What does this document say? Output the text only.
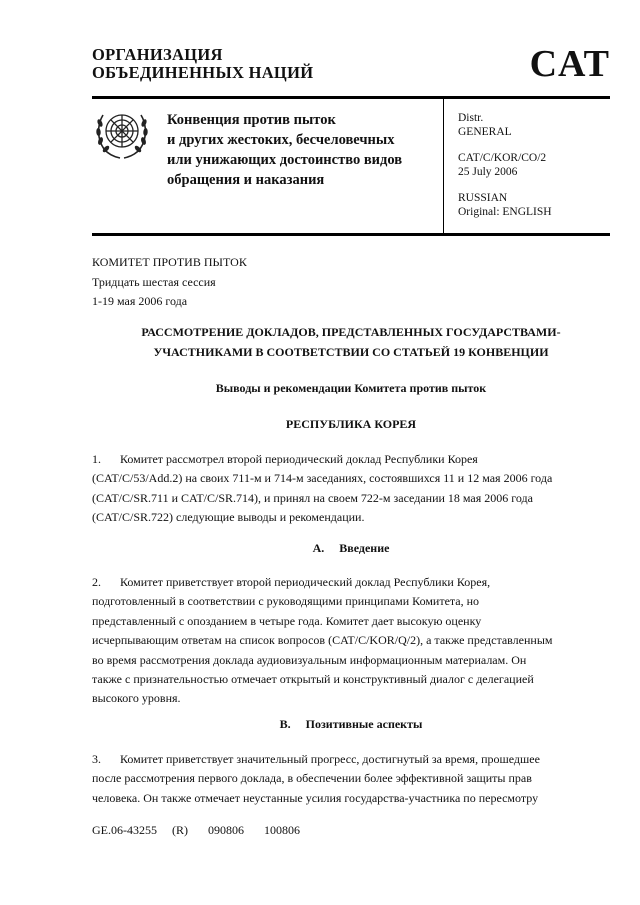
ОРГАНИЗАЦИЯ
ОБЪЕДИНЕННЫХ НАЦИЙ	CAT
Конвенция против пыток
и других жестоких, бесчеловечных
или унижающих достоинство видов
обращения и наказания
Distr.
GENERAL
CAT/C/KOR/CO/2
25 July 2006
RUSSIAN
Original: ENGLISH
КОМИТЕТ ПРОТИВ ПЫТОК
Тридцать шестая сессия
1-19 мая 2006 года
РАССМОТРЕНИЕ ДОКЛАДОВ, ПРЕДСТАВЛЕННЫХ ГОСУДАРСТВАМИ-
УЧАСТНИКАМИ В СООТВЕТСТВИИ СО СТАТЬЕЙ 19 КОНВЕНЦИИ
Выводы и рекомендации Комитета против пыток
РЕСПУБЛИКА КОРЕЯ
1. Комитет рассмотрел второй периодический доклад Республики Корея
(CAT/C/53/Add.2) на своих 711-м и 714-м заседаниях, состоявшихся 11 и 12 мая 2006 года
(CAT/C/SR.711 и CAT/C/SR.714), и принял на своем 722-м заседании 18 мая 2006 года
(CAT/C/SR.722) следующие выводы и рекомендации.
A.     Введение
2. Комитет приветствует второй периодический доклад Республики Корея,
подготовленный в соответствии с руководящими принципами Комитета, но
представленный с опозданием в четыре года. Комитет дает высокую оценку
исчерпывающим ответам на список вопросов (CAT/C/KOR/Q/2), а также представленным
во время рассмотрения доклада аудиовизуальным информационным материалам. Он
также с признательностью отмечает открытый и конструктивный диалог с делегацией
высокого уровня.
B.     Позитивные аспекты
3. Комитет приветствует значительный прогресс, достигнутый за время, прошедшее
после рассмотрения первого доклада, в обеспечении более эффективной защиты прав
человека. Он также отмечает неустанные усилия государства-участника по пересмотру
GE.06-43255   (R)    090806    100806
